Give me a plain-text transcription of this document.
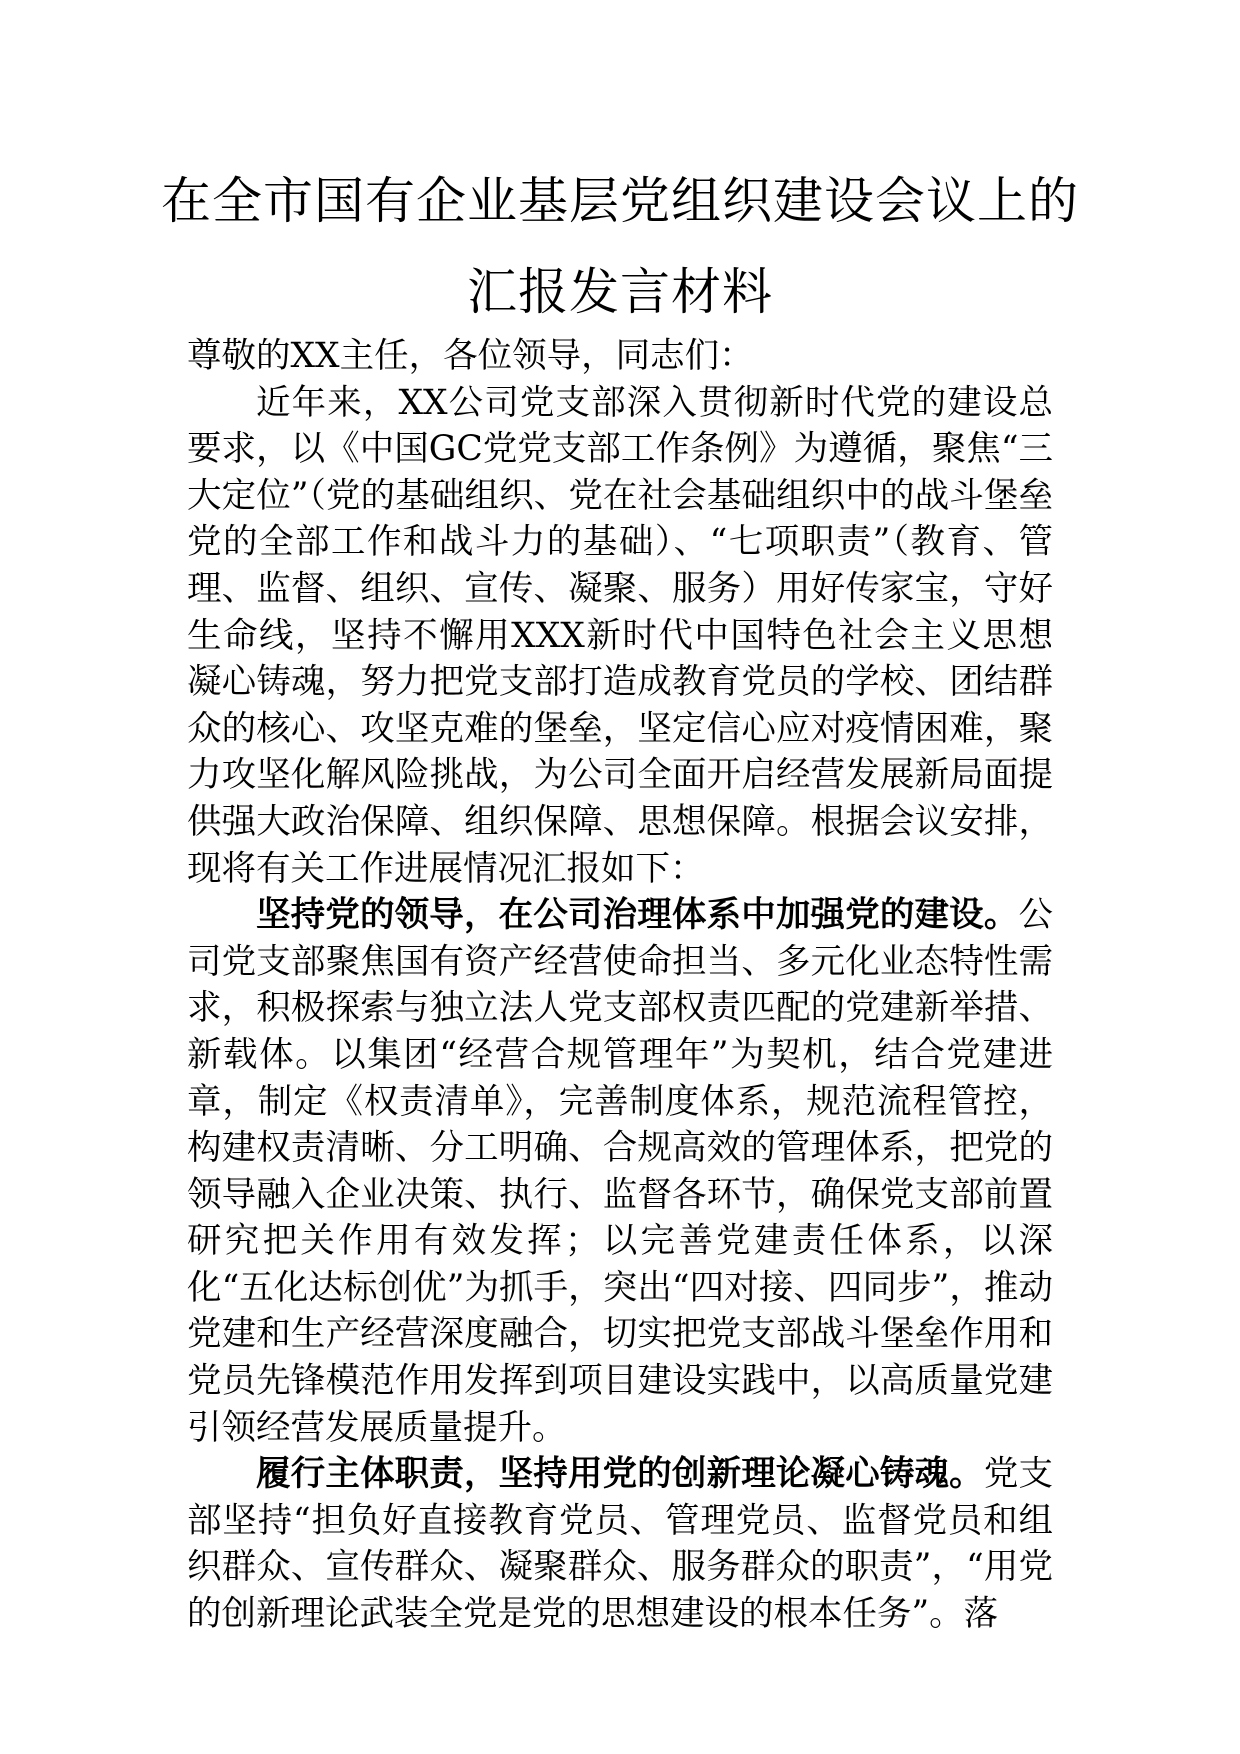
在全市国有企业基层党组织建设会议上的
汇报发言材料

尊敬的XX主任，各位领导，同志们：

近年来，XX公司党支部深入贯彻新时代党的建设总要求，以《中国GC党党支部工作条例》为遵循，聚焦“三大定位”（党的基础组织、党在社会基础组织中的战斗堡垒党的全部工作和战斗力的基础）、“七项职责”（教育、管理、监督、组织、宣传、凝聚、服务）用好传家宝，守好生命线，坚持不懈用XXX新时代中国特色社会主义思想凝心铸魂，努力把党支部打造成教育党员的学校、团结群众的核心、攻坚克难的堡垒，坚定信心应对疫情困难，聚力攻坚化解风险挑战，为公司全面开启经营发展新局面提供强大政治保障、组织保障、思想保障。根据会议安排，现将有关工作进展情况汇报如下：

坚持党的领导，在公司治理体系中加强党的建设。公司党支部聚焦国有资产经营使命担当、多元化业态特性需求，积极探索与独立法人党支部权责匹配的党建新举措、新载体。以集团“经营合规管理年”为契机，结合党建进章，制定《权责清单》，完善制度体系，规范流程管控，构建权责清晰、分工明确、合规高效的管理体系，把党的领导融入企业决策、执行、监督各环节，确保党支部前置研究把关作用有效发挥；以完善党建责任体系，以深化“五化达标创优”为抓手，突出“四对接、四同步”，推动党建和生产经营深度融合，切实把党支部战斗堡垒作用和党员先锋模范作用发挥到项目建设实践中，以高质量党建引领经营发展质量提升。

履行主体职责，坚持用党的创新理论凝心铸魂。党支部坚持“担负好直接教育党员、管理党员、监督党员和组织群众、宣传群众、凝聚群众、服务群众的职责”，“用党的创新理论武装全党是党的思想建设的根本任务”。落
